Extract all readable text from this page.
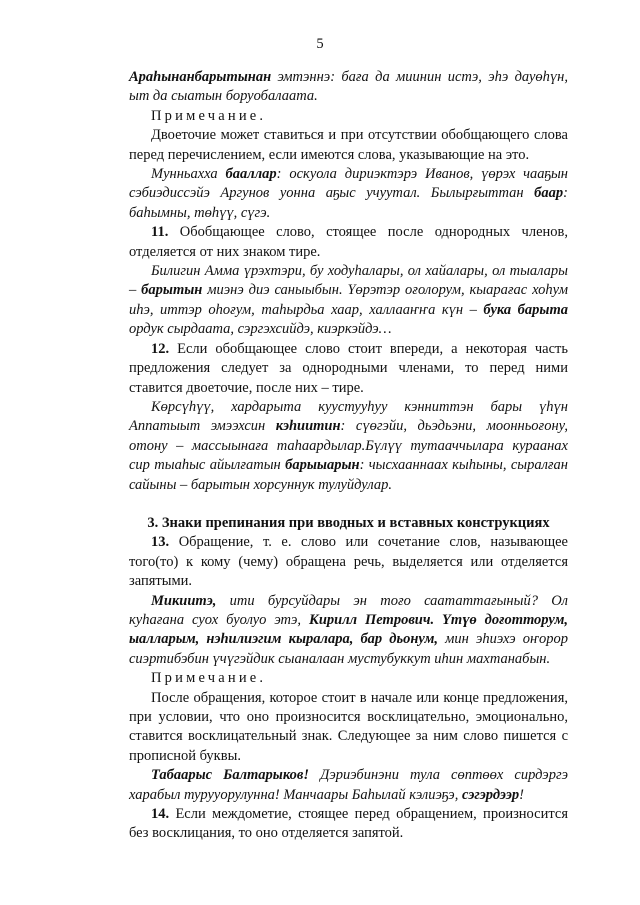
5

Араһынанбарытынан эмтэннэ: баға да миинин истэ, эһэ дауөһүн, ыт да сыатын боруобалаата.

Примечание.

Двоеточие может ставиться и при отсутствии обобщающего слова перед перечислением, если имеются слова, указывающие на это.

Мунньахха бааллар: оскуола дириэктэрэ Иванов, үөрэх чааҕын сэбиэдиссэйэ Аргунов уонна аҕыс учуутал. Былырғыттан баар: баһымны, төһүү, сүгэ.

11. Обобщающее слово, стоящее после однородных членов, отделяется от них знаком тире.

Билигин Амма үрэхтэри, бу ходуһалары, ол хайалары, ол тыалары – барытын миэнэ диэ саныыбын. Үөрэтэр оғолорум, кыарағас хоһум иһэ, иттэр оһоғум, таһырдьа хаар, халлааҥҥа күн – бука барыта ордук сырдаата, сэргэхсийдэ, киэркэйдэ…

12. Если обобщающее слово стоит впереди, а некоторая часть предложения следует за однородными членами, то перед ними ставится двоеточие, после них – тире.

Көрсүһүү, хардарыта куустууһуу кэнниттэн бары үһүн Аппатыыт эмээхсин кэһиитин: сүөгэйи, дьэдьэни, моонньоғону, отону – массыынаға таһаардылар.Бүлүү тутааччылара кураанах сир тыаһыс айылғатын барыыарын: чысхааннаах кыhыны, сыралған сайыны – барытын хорсуннук тулуйдулар.

3. Знаки препинания при вводных и вставных конструкциях

13. Обращение, т. е. слово или сочетание слов, называющее того(то) к кому (чему) обращена речь, выделяется или отделяется запятыми.

Микиитэ, ити бурсуйдары эн тоғо саататтағыный? Ол куһaғана суох буолуо этэ, Кирилл Петрович. Үтүө доғотторум, ыалларым, нэһилиэгим кыралара, бар дьонум, мин эhиэхэ оҥорор сиэртибэбин үчүгэйдик сыаналаан мустубуккут иhин махтанабын.

Примечание.

После обращения, которое стоит в начале или конце предложения, при условии, что оно произносится восклицательно, эмоционально, ставится восклицательный знак. Следующее за ним слово пишется с прописной буквы.

Табаарыс Балтарыков! Дэриэбинэни тула сөптөөх сирдэргэ харабыл турууорулунна! Манчаары Баһылай кэлиэҕэ, сэгэрдээр!

14. Если междометие, стоящее перед обращением, произносится без восклицания, то оно отделяется запятой.
